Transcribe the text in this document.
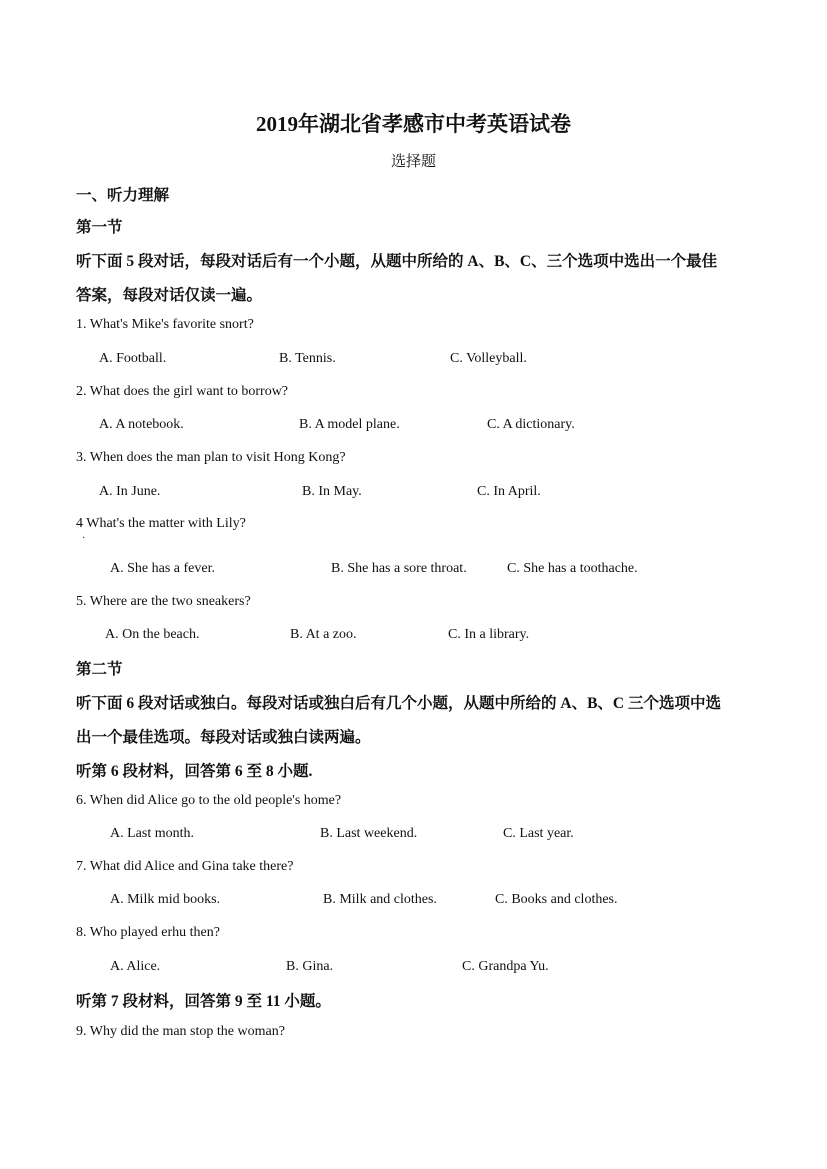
2019年湖北省孝感市中考英语试卷
选择题
一、听力理解
第一节
听下面 5 段对话，每段对话后有一个小题，从题中所给的 A、B、C、三个选项中选出一个最佳
答案，每段对话仅读一遍。
1. What's Mike's favorite snort?
A. Football.	B. Tennis.	C. Volleyball.
2. What does the girl want to borrow?
A. A notebook.	B. A model plane.	C. A dictionary.
3. When does the man plan to visit Hong Kong?
A. In June.	B. In May.	C. In April.
4 What's the matter with Lily?
·
A. She has a fever.	B. She has a sore throat.	C. She has a toothache.
5. Where are the two sneakers?
A. On the beach.	B. At a zoo.	C. In a library.
第二节
听下面 6 段对话或独白。每段对话或独白后有几个小题，从题中所给的 A、B、C 三个选项中选
出一个最佳选项。每段对话或独白读两遍。
听第 6 段材料，回答第 6 至 8 小题.
6. When did Alice go to the old people's home?
A. Last month.	B. Last weekend.	C. Last year.
7. What did Alice and Gina take there?
A. Milk mid books.	B. Milk and clothes.	C. Books and clothes.
8. Who played erhu then?
A. Alice.	B. Gina.	C. Grandpa Yu.
听第 7 段材料，回答第 9 至 11 小题。
9. Why did the man stop the woman?
